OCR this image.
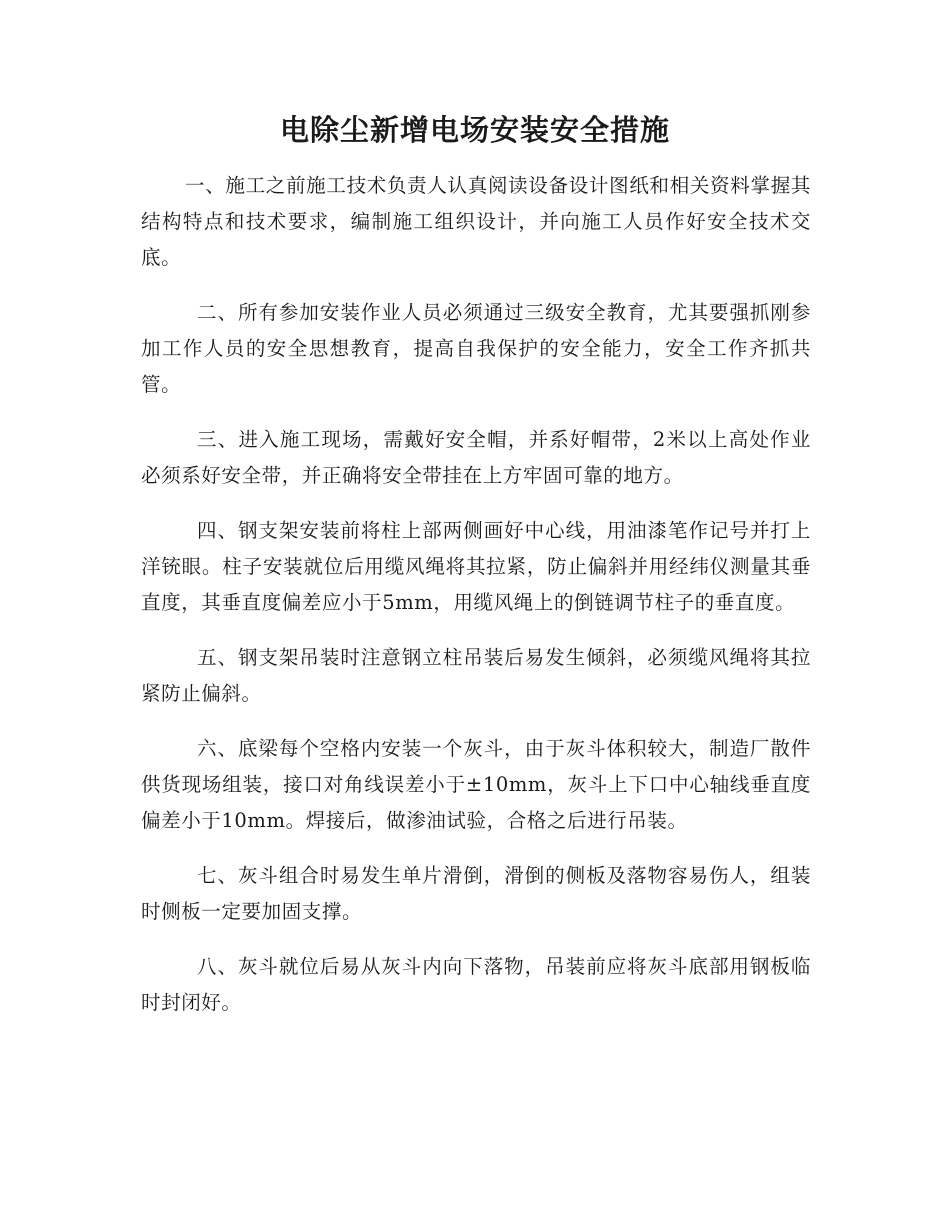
电除尘新增电场安装安全措施

一、施工之前施工技术负责人认真阅读设备设计图纸和相关资料掌握其结构特点和技术要求，编制施工组织设计，并向施工人员作好安全技术交底。

二、所有参加安装作业人员必须通过三级安全教育，尤其要强抓刚参加工作人员的安全思想教育，提高自我保护的安全能力，安全工作齐抓共管。

三、进入施工现场，需戴好安全帽，并系好帽带，2米以上高处作业必须系好安全带，并正确将安全带挂在上方牢固可靠的地方。

四、钢支架安装前将柱上部两侧画好中心线，用油漆笔作记号并打上洋铳眼。柱子安装就位后用缆风绳将其拉紧，防止偏斜并用经纬仪测量其垂直度，其垂直度偏差应小于5mm，用缆风绳上的倒链调节柱子的垂直度。

五、钢支架吊装时注意钢立柱吊装后易发生倾斜，必须缆风绳将其拉紧防止偏斜。

六、底梁每个空格内安装一个灰斗，由于灰斗体积较大，制造厂散件供货现场组装，接口对角线误差小于±10mm，灰斗上下口中心轴线垂直度偏差小于10mm。焊接后，做渗油试验，合格之后进行吊装。

七、灰斗组合时易发生单片滑倒，滑倒的侧板及落物容易伤人，组装时侧板一定要加固支撑。

八、灰斗就位后易从灰斗内向下落物，吊装前应将灰斗底部用钢板临时封闭好。
